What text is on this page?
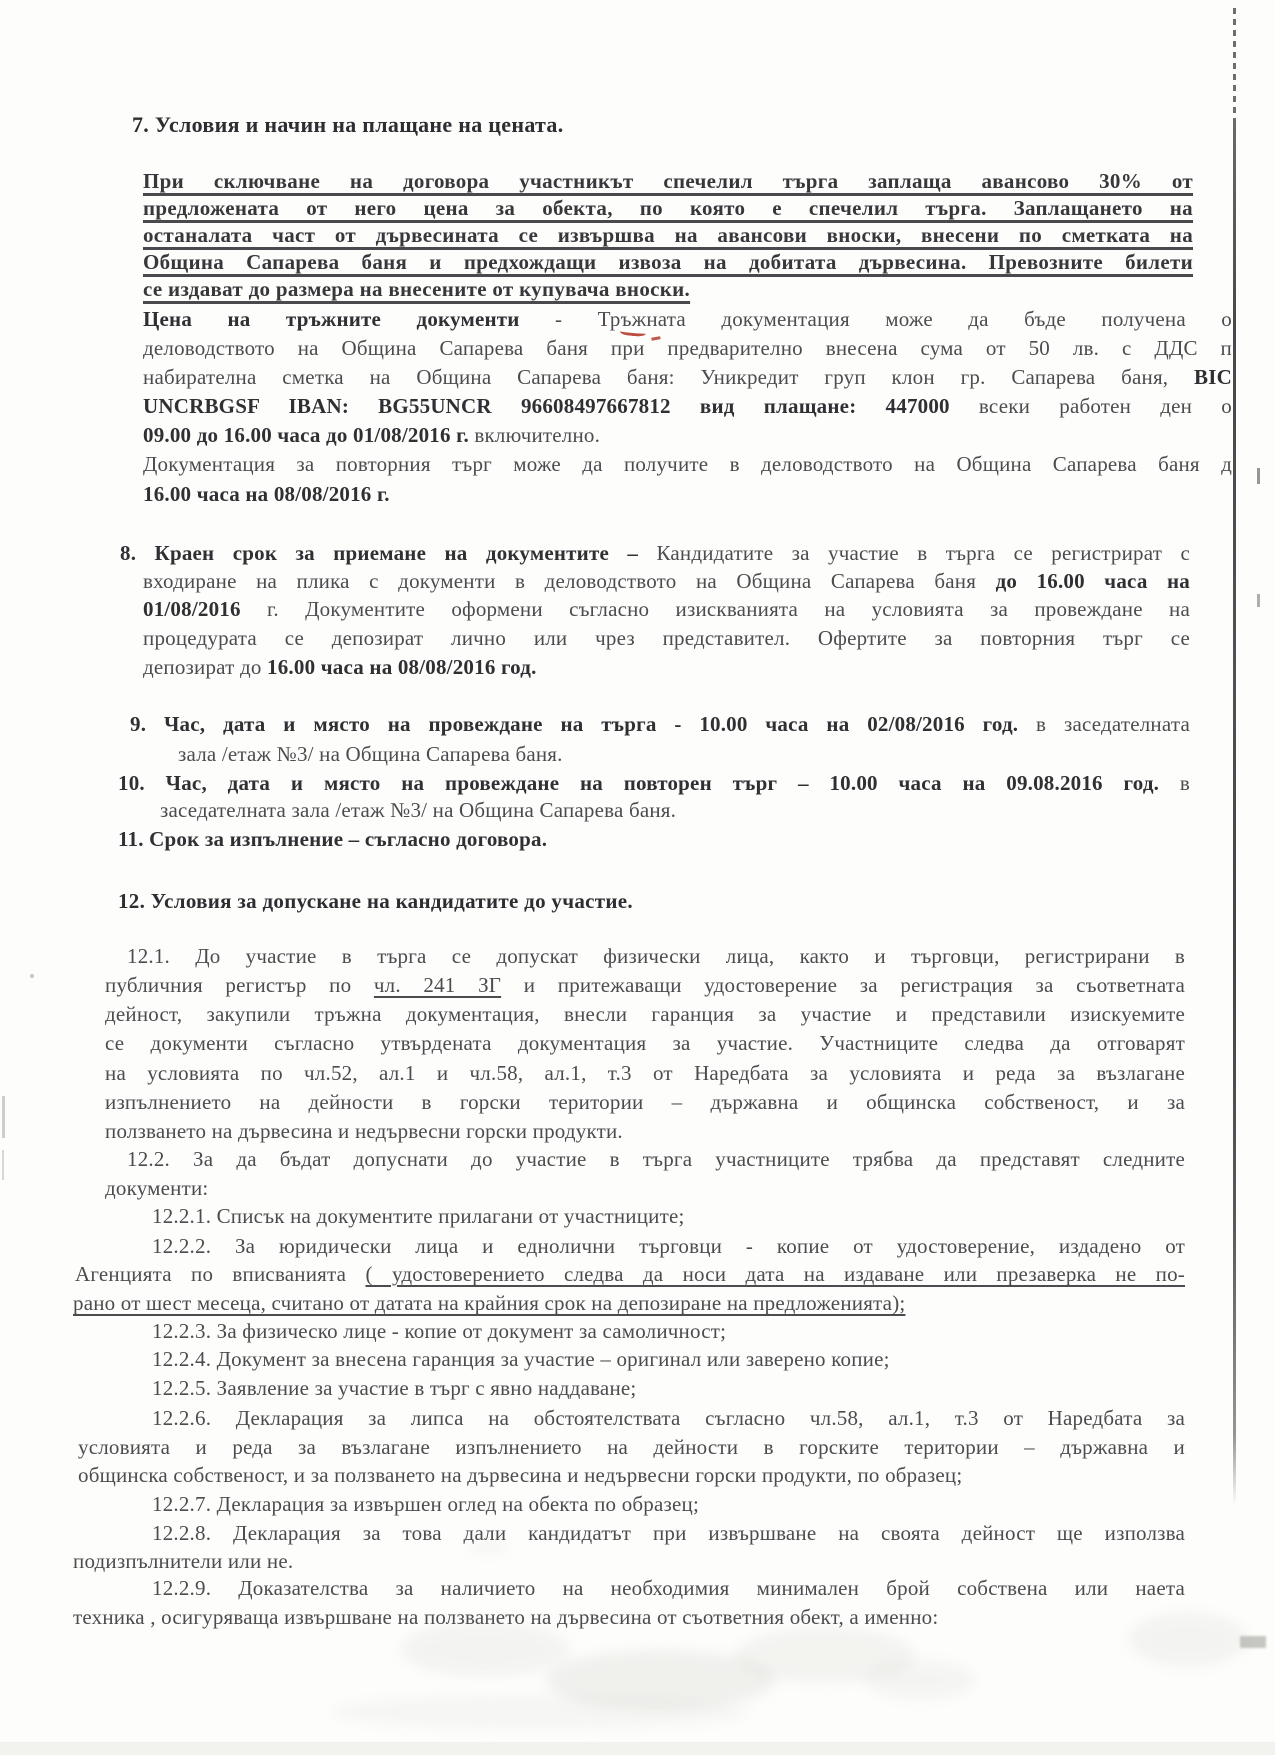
7. Условия и начин на плащане на цената.
При сключване на договора участникът спечелил търга заплаща авансово 30% от
предложената от него цена за обекта, по която е спечелил търга. Заплащането на
останалата част от дървесината се извършва на авансови вноски, внесени по сметката на
Община Сапарева баня и предхождащи извоза на добитата дървесина. Превозните билети
се издават до размера на внесените от купувача вноски.
Цена на тръжните документи - Тръжната документация може да бъде получена о
деловодството на Община Сапарева баня при предварително внесена сума от 50 лв. с ДДС п
набирателна сметка на Община Сапарева баня: Уникредит груп клон гр. Сапарева баня, BIC
UNCRBGSF IBAN: BG55UNCR 96608497667812 вид плащане: 447000 всеки работен ден о
09.00 до 16.00 часа до 01/08/2016 г. включително.
Документация за повторния търг може да получите в деловодството на Община Сапарева баня д
16.00 часа на 08/08/2016 г.
8. Краен срок за приемане на документите – Кандидатите за участие в търга се регистрират с
входиране на плика с документи в деловодството на Община Сапарева баня до 16.00 часа на
01/08/2016 г. Документите оформени съгласно изискванията на условията за провеждане на
процедурата се депозират лично или чрез представител. Офертите за повторния търг се
депозират до 16.00 часа на 08/08/2016 год.
9. Час, дата и място на провеждане на търга - 10.00 часа на 02/08/2016 год. в заседателната
зала /етаж №3/ на Община Сапарева баня.
10. Час, дата и място на провеждане на повторен търг – 10.00 часа на 09.08.2016 год. в
заседателната зала /етаж №3/ на Община Сапарева баня.
11. Срок за изпълнение – съгласно договора.
12. Условия за допускане на кандидатите до участие.
12.1. До участие в търга се допускат физически лица, както и търговци, регистрирани в
публичния регистър по чл. 241 ЗГ и притежаващи удостоверение за регистрация за съответната
дейност, закупили тръжна документация, внесли гаранция за участие и представили изискуемите
се документи съгласно утвърдената документация за участие. Участниците следва да отговарят
на условията по чл.52, ал.1 и чл.58, ал.1, т.3 от Наредбата за условията и реда за възлагане
изпълнението на дейности в горски територии – държавна и общинска собственост, и за
ползването на дървесина и недървесни горски продукти.
12.2. За да бъдат допуснати до участие в търга участниците трябва да представят следните
документи:
12.2.1. Списък на документите прилагани от участниците;
12.2.2. За юридически лица и еднолични търговци - копие от удостоверение, издадено от
Агенцията по вписванията ( удостоверението следва да носи дата на издаване или презаверка не по-
рано от шест месеца, считано от датата на крайния срок на депозиране на предложенията);
12.2.3. За физическо лице - копие от документ за самоличност;
12.2.4. Документ за внесена гаранция за участие – оригинал или заверено копие;
12.2.5. Заявление за участие в търг с явно наддаване;
12.2.6. Декларация за липса на обстоятелствата съгласно чл.58, ал.1, т.3 от Наредбата за
условията и реда за възлагане изпълнението на дейности в горските територии – държавна и
общинска собственост, и за ползването на дървесина и недървесни горски продукти, по образец;
12.2.7. Декларация за извършен оглед на обекта по образец;
12.2.8. Декларация за това дали кандидатът при извършване на своята дейност ще използва
подизпълнители или не.
12.2.9. Доказателства за наличието на необходимия минимален брой собствена или наета
техника , осигуряваща извършване на ползването на дървесина от съответния обект, а именно:
